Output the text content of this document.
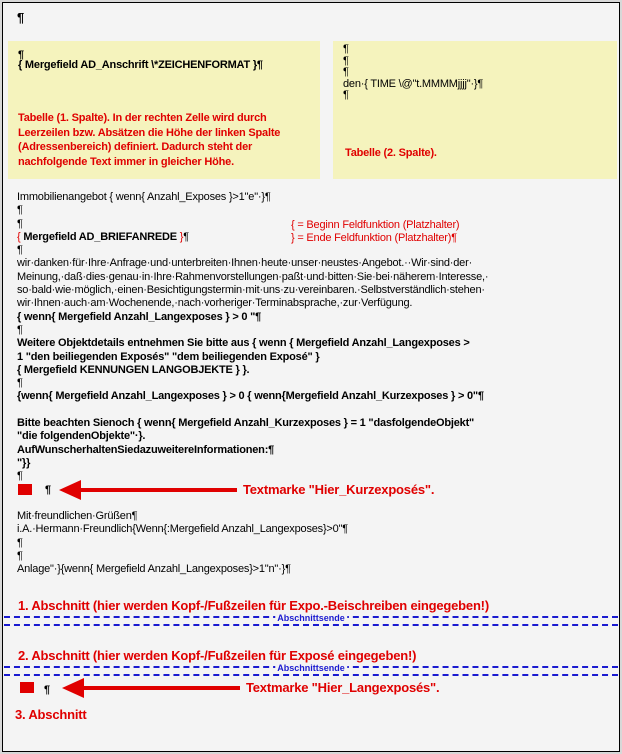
¶
¶
{ Mergefield AD_Anschrift \*ZEICHENFORMAT }¶
Tabelle (1. Spalte). In der rechten Zelle wird durch
Leerzeilen bzw. Absätzen die Höhe der linken Spalte
(Adressenbereich) definiert. Dadurch steht der
nachfolgende Text immer in gleicher Höhe.
¶
¶
¶
den·{ TIME \@"t.MMMMjjjj"·}¶
¶
Tabelle (2. Spalte).
Immobilienangebot { wenn{ Anzahl_Exposes }>1"e"·}¶
¶
¶
{ Mergefield AD_BRIEFANREDE }¶
¶
wir·danken·für·Ihre·Anfrage·und·unterbreiten·Ihnen·heute·unser·neustes·Angebot.··Wir·sind·der·
Meinung,·daß·dies·genau·in·Ihre·Rahmenvorstellungen·paßt·und·bitten·Sie·bei·näherem·Interesse,·
so·bald·wie·möglich,·einen·Besichtigungstermin·mit·uns·zu·vereinbaren.·Selbstverständlich·stehen·
wir·Ihnen·auch·am·Wochenende,·nach·vorheriger·Terminabsprache,·zur·Verfügung.
{ wenn{ Mergefield Anzahl_Langexposes } > 0 "¶
¶
Weitere Objektdetails entnehmen Sie bitte aus { wenn { Mergefield Anzahl_Langexposes >
1 "den beiliegenden Exposés" "dem beiliegenden Exposé" }
{ Mergefield KENNUNGEN LANGOBJEKTE } }.
¶
{wenn{ Mergefield Anzahl_Langexposes } > 0 { wenn{Mergefield Anzahl_Kurzexposes } > 0"¶

Bitte beachten Sienoch { wenn{ Mergefield Anzahl_Kurzexposes } = 1 "dasfolgendeObjekt"
"die folgendenObjekte"·}.
AufWunscherhaltenSiedazuweitereInformationen:¶
"}}
¶
{ = Beginn Feldfunktion (Platzhalter)
} = Ende Feldfunktion (Platzhalter)¶
¶	Textmarke "Hier_Kurzexposés".
Mit·freundlichen·Grüßen¶
i.A.·Hermann·Freundlich{Wenn{:Mergefield Anzahl_Langexposes}>0"¶
¶
¶
Anlage"·}{wenn{ Mergefield Anzahl_Langexposes}>1"n"·}¶
1. Abschnitt (hier werden Kopf-/Fußzeilen für Expo.-Beischreiben eingegeben!)
Abschnittsende
2. Abschnitt (hier werden Kopf-/Fußzeilen für Exposé eingegeben!)
Abschnittsende
¶	Textmarke "Hier_Langexposés".
3. Abschnitt
